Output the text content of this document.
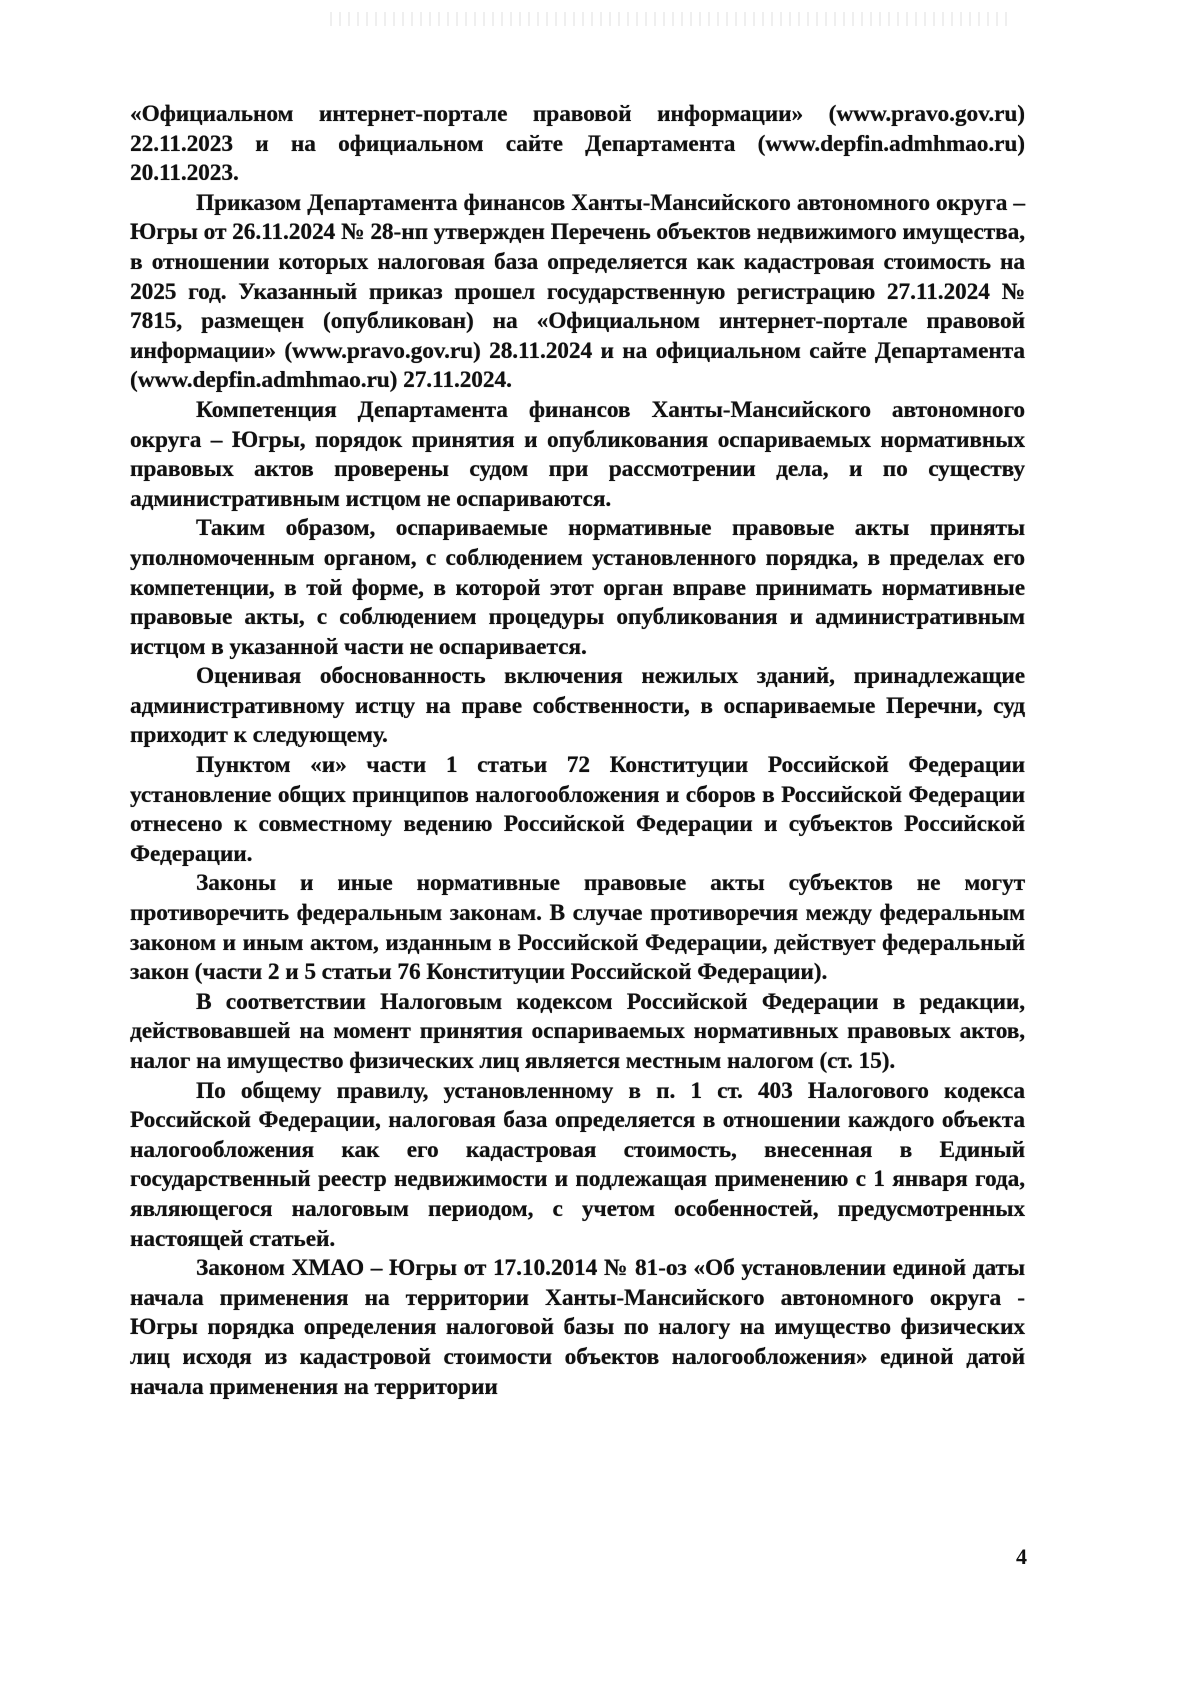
«Официальном интернет-портале правовой информации» (www.pravo.gov.ru) 22.11.2023 и на официальном сайте Департамента (www.depfin.admhmao.ru) 20.11.2023.

Приказом Департамента финансов Ханты-Мансийского автономного округа – Югры от 26.11.2024 № 28-нп утвержден Перечень объектов недвижимого имущества, в отношении которых налоговая база определяется как кадастровая стоимость на 2025 год. Указанный приказ прошел государственную регистрацию 27.11.2024 № 7815, размещен (опубликован) на «Официальном интернет-портале правовой информации» (www.pravo.gov.ru) 28.11.2024 и на официальном сайте Департамента (www.depfin.admhmao.ru) 27.11.2024.

Компетенция Департамента финансов Ханты-Мансийского автономного округа – Югры, порядок принятия и опубликования оспариваемых нормативных правовых актов проверены судом при рассмотрении дела, и по существу административным истцом не оспариваются.

Таким образом, оспариваемые нормативные правовые акты приняты уполномоченным органом, с соблюдением установленного порядка, в пределах его компетенции, в той форме, в которой этот орган вправе принимать нормативные правовые акты, с соблюдением процедуры опубликования и административным истцом в указанной части не оспаривается.

Оценивая обоснованность включения нежилых зданий, принадлежащие административному истцу на праве собственности, в оспариваемые Перечни, суд приходит к следующему.

Пунктом «и» части 1 статьи 72 Конституции Российской Федерации установление общих принципов налогообложения и сборов в Российской Федерации отнесено к совместному ведению Российской Федерации и субъектов Российской Федерации.

Законы и иные нормативные правовые акты субъектов не могут противоречить федеральным законам. В случае противоречия между федеральным законом и иным актом, изданным в Российской Федерации, действует федеральный закон (части 2 и 5 статьи 76 Конституции Российской Федерации).

В соответствии Налоговым кодексом Российской Федерации в редакции, действовавшей на момент принятия оспариваемых нормативных правовых актов, налог на имущество физических лиц является местным налогом (ст. 15).

По общему правилу, установленному в п. 1 ст. 403 Налогового кодекса Российской Федерации, налоговая база определяется в отношении каждого объекта налогообложения как его кадастровая стоимость, внесенная в Единый государственный реестр недвижимости и подлежащая применению с 1 января года, являющегося налоговым периодом, с учетом особенностей, предусмотренных настоящей статьей.

Законом ХМАО – Югры от 17.10.2014 № 81-оз «Об установлении единой даты начала применения на территории Ханты-Мансийского автономного округа - Югры порядка определения налоговой базы по налогу на имущество физических лиц исходя из кадастровой стоимости объектов налогообложения» единой датой начала применения на территории

4
